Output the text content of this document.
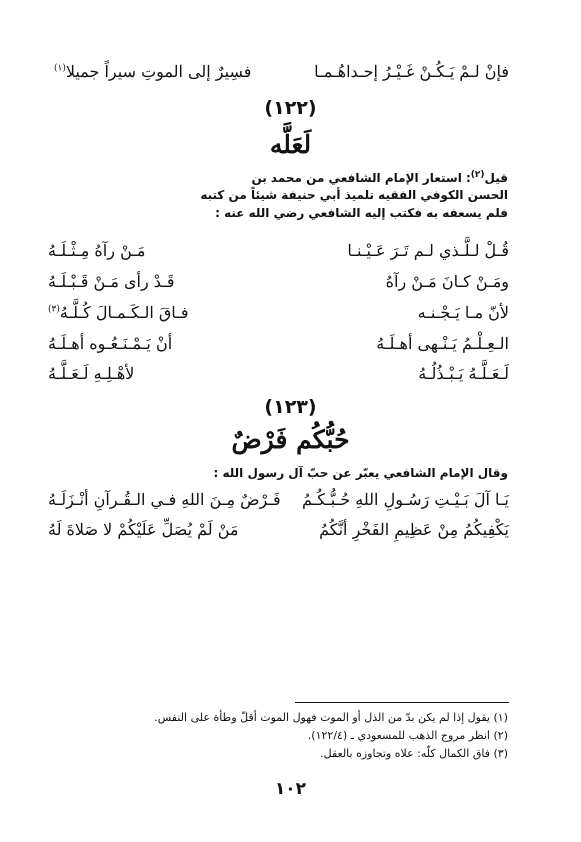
فإنْ لـمْ يَـكُـنْ غَـيْـرُ إحـداهُـمـا
فسِيرٌ إلى الموتِ سيراً جميلا$^{(١)}$
(١٢٢)
لَعَلَّه
قيل$^{(٢)}$: استعار الإمام الشافعي من محمد بن
الحسن الكوفي الفقيه تلميذ أبي حنيفة شيئاً من كتبه
فلم يسعفه به فكتب إليه الشافعي رضي الله عنه :
قُـلْ لـلَّـذي لـم تَـرَ عَـيْـنـا
مَـنْ رآهُ مِـثْـلَـهُ
ومَـنْ كـانَ مَـنْ رآهُ
قَـدْ رأى مَـنْ قَـبْـلَـهُ
لأنّ مـا يَـجْـنـه
فـاقَ الـكَـمـالَ كُـلَّـهُ$^{(٣)}$
الـعِـلْـمُ يَـنْـهى أهـلَـهُ
أنْ يَـمْـنَـعُـوه أهـلَـهُ
لَـعَـلَّـهُ يَـبْـذُلُـهُ
لأهْـلِـهِ لَـعَـلَّـهُ
(١٢٣)
حُبُّكُم فَرْضٌ
وقال الإمام الشافعي يعبّر عن حبّ آل رسول الله :
يَـا آلَ بَـيْـتِ رَسُـولِ اللهِ حُـبُّـكُـمُ
فَـرْضٌ مِـنَ اللهِ فـي الـقُـرآنِ أنْـزَلَـهُ
يَكْفِيكُمُ مِنْ عَظِيمِ الفَخْرِ أنَّكُمُ
مَنْ لَمْ يُصَلِّ عَلَيْكُمْ لا صَلاةَ لَهُ
(١) يقول إذا لم يكن بدّ من الذل أو الموت فهول الموت أقلّ وطأة على النفس.
(٢) انظر مروج الذهب للمسعودي ـ (١٢٢/٤).
(٣) فاق الكمال كلّه: علاه وتجاوزه بالعقل.
١٠٢
